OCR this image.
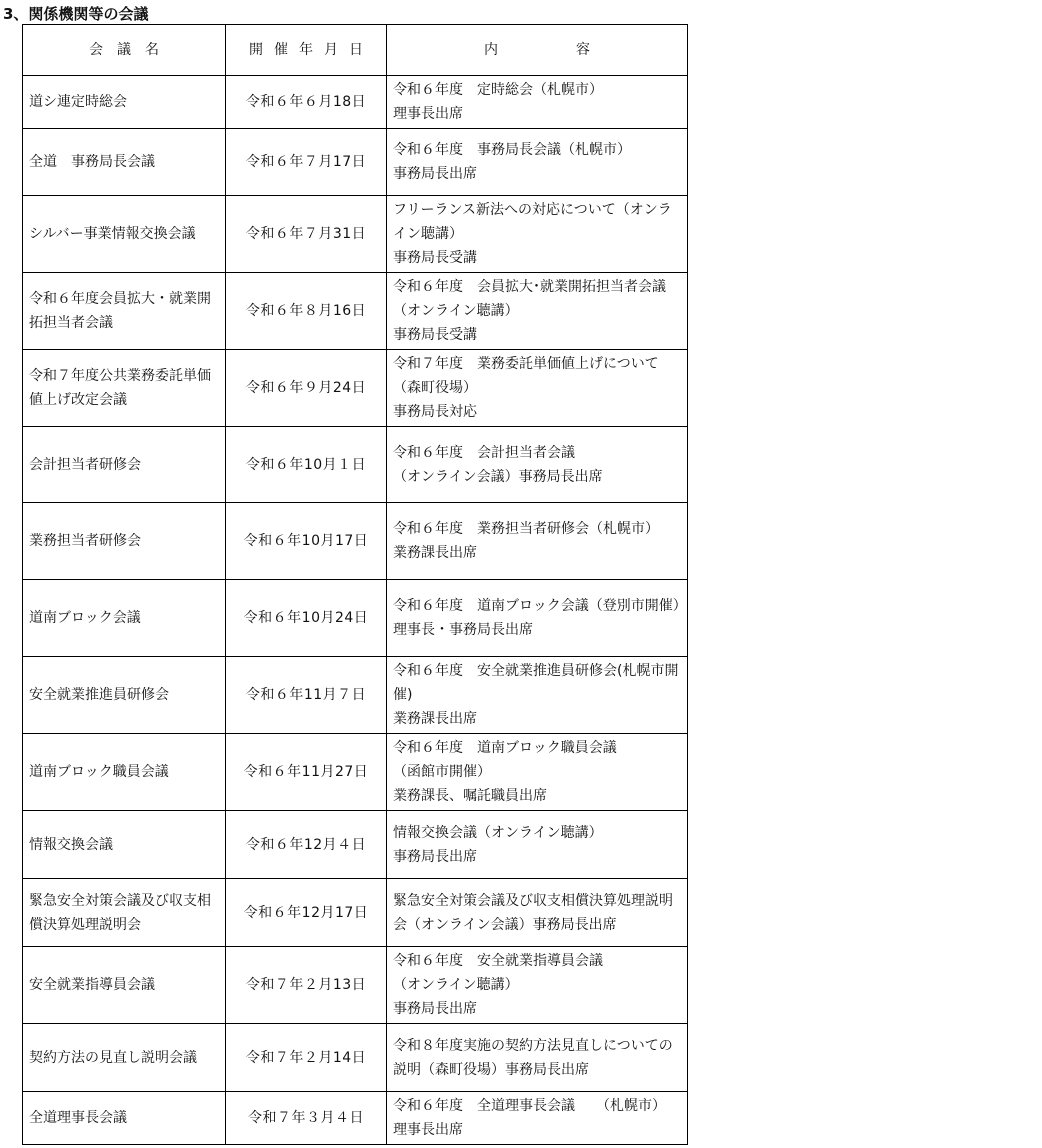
3、関係機関等の会議
会議名	開催年月日	内 容
道シ連定時総会	令和６年６月18日	令和６年度　定時総会（札幌市）
理事長出席
全道　事務局長会議	令和６年７月17日	令和６年度　事務局長会議（札幌市）
事務局長出席
シルバー事業情報交換会議	令和６年７月31日	フリーランス新法への対応について（オンライン聴講）
事務局長受講
令和６年度会員拡大・就業開拓担当者会議	令和６年８月16日	令和６年度　会員拡大･就業開拓担当者会議（オンライン聴講）
事務局長受講
令和７年度公共業務委託単価値上げ改定会議	令和６年９月24日	令和７年度　業務委託単価値上げについて（森町役場）
事務局長対応
会計担当者研修会	令和６年10月１日	令和６年度　会計担当者会議
（オンライン会議）事務局長出席
業務担当者研修会	令和６年10月17日	令和６年度　業務担当者研修会（札幌市）
業務課長出席
道南ブロック会議	令和６年10月24日	令和６年度　道南ブロック会議（登別市開催）理事長・事務局長出席
安全就業推進員研修会	令和６年11月７日	令和６年度　安全就業推進員研修会(札幌市開催)
業務課長出席
道南ブロック職員会議	令和６年11月27日	令和６年度　道南ブロック職員会議
（函館市開催）
業務課長、嘱託職員出席
情報交換会議	令和６年12月４日	情報交換会議（オンライン聴講）
事務局長出席
緊急安全対策会議及び収支相償決算処理説明会	令和６年12月17日	緊急安全対策会議及び収支相償決算処理説明会（オンライン会議）事務局長出席
安全就業指導員会議	令和７年２月13日	令和６年度　安全就業指導員会議
（オンライン聴講）
事務局長出席
契約方法の見直し説明会議	令和７年２月14日	令和８年度実施の契約方法見直しについての説明（森町役場）事務局長出席
全道理事長会議	令和７年３月４日	令和６年度　全道理事長会議　　（札幌市）
理事長出席
